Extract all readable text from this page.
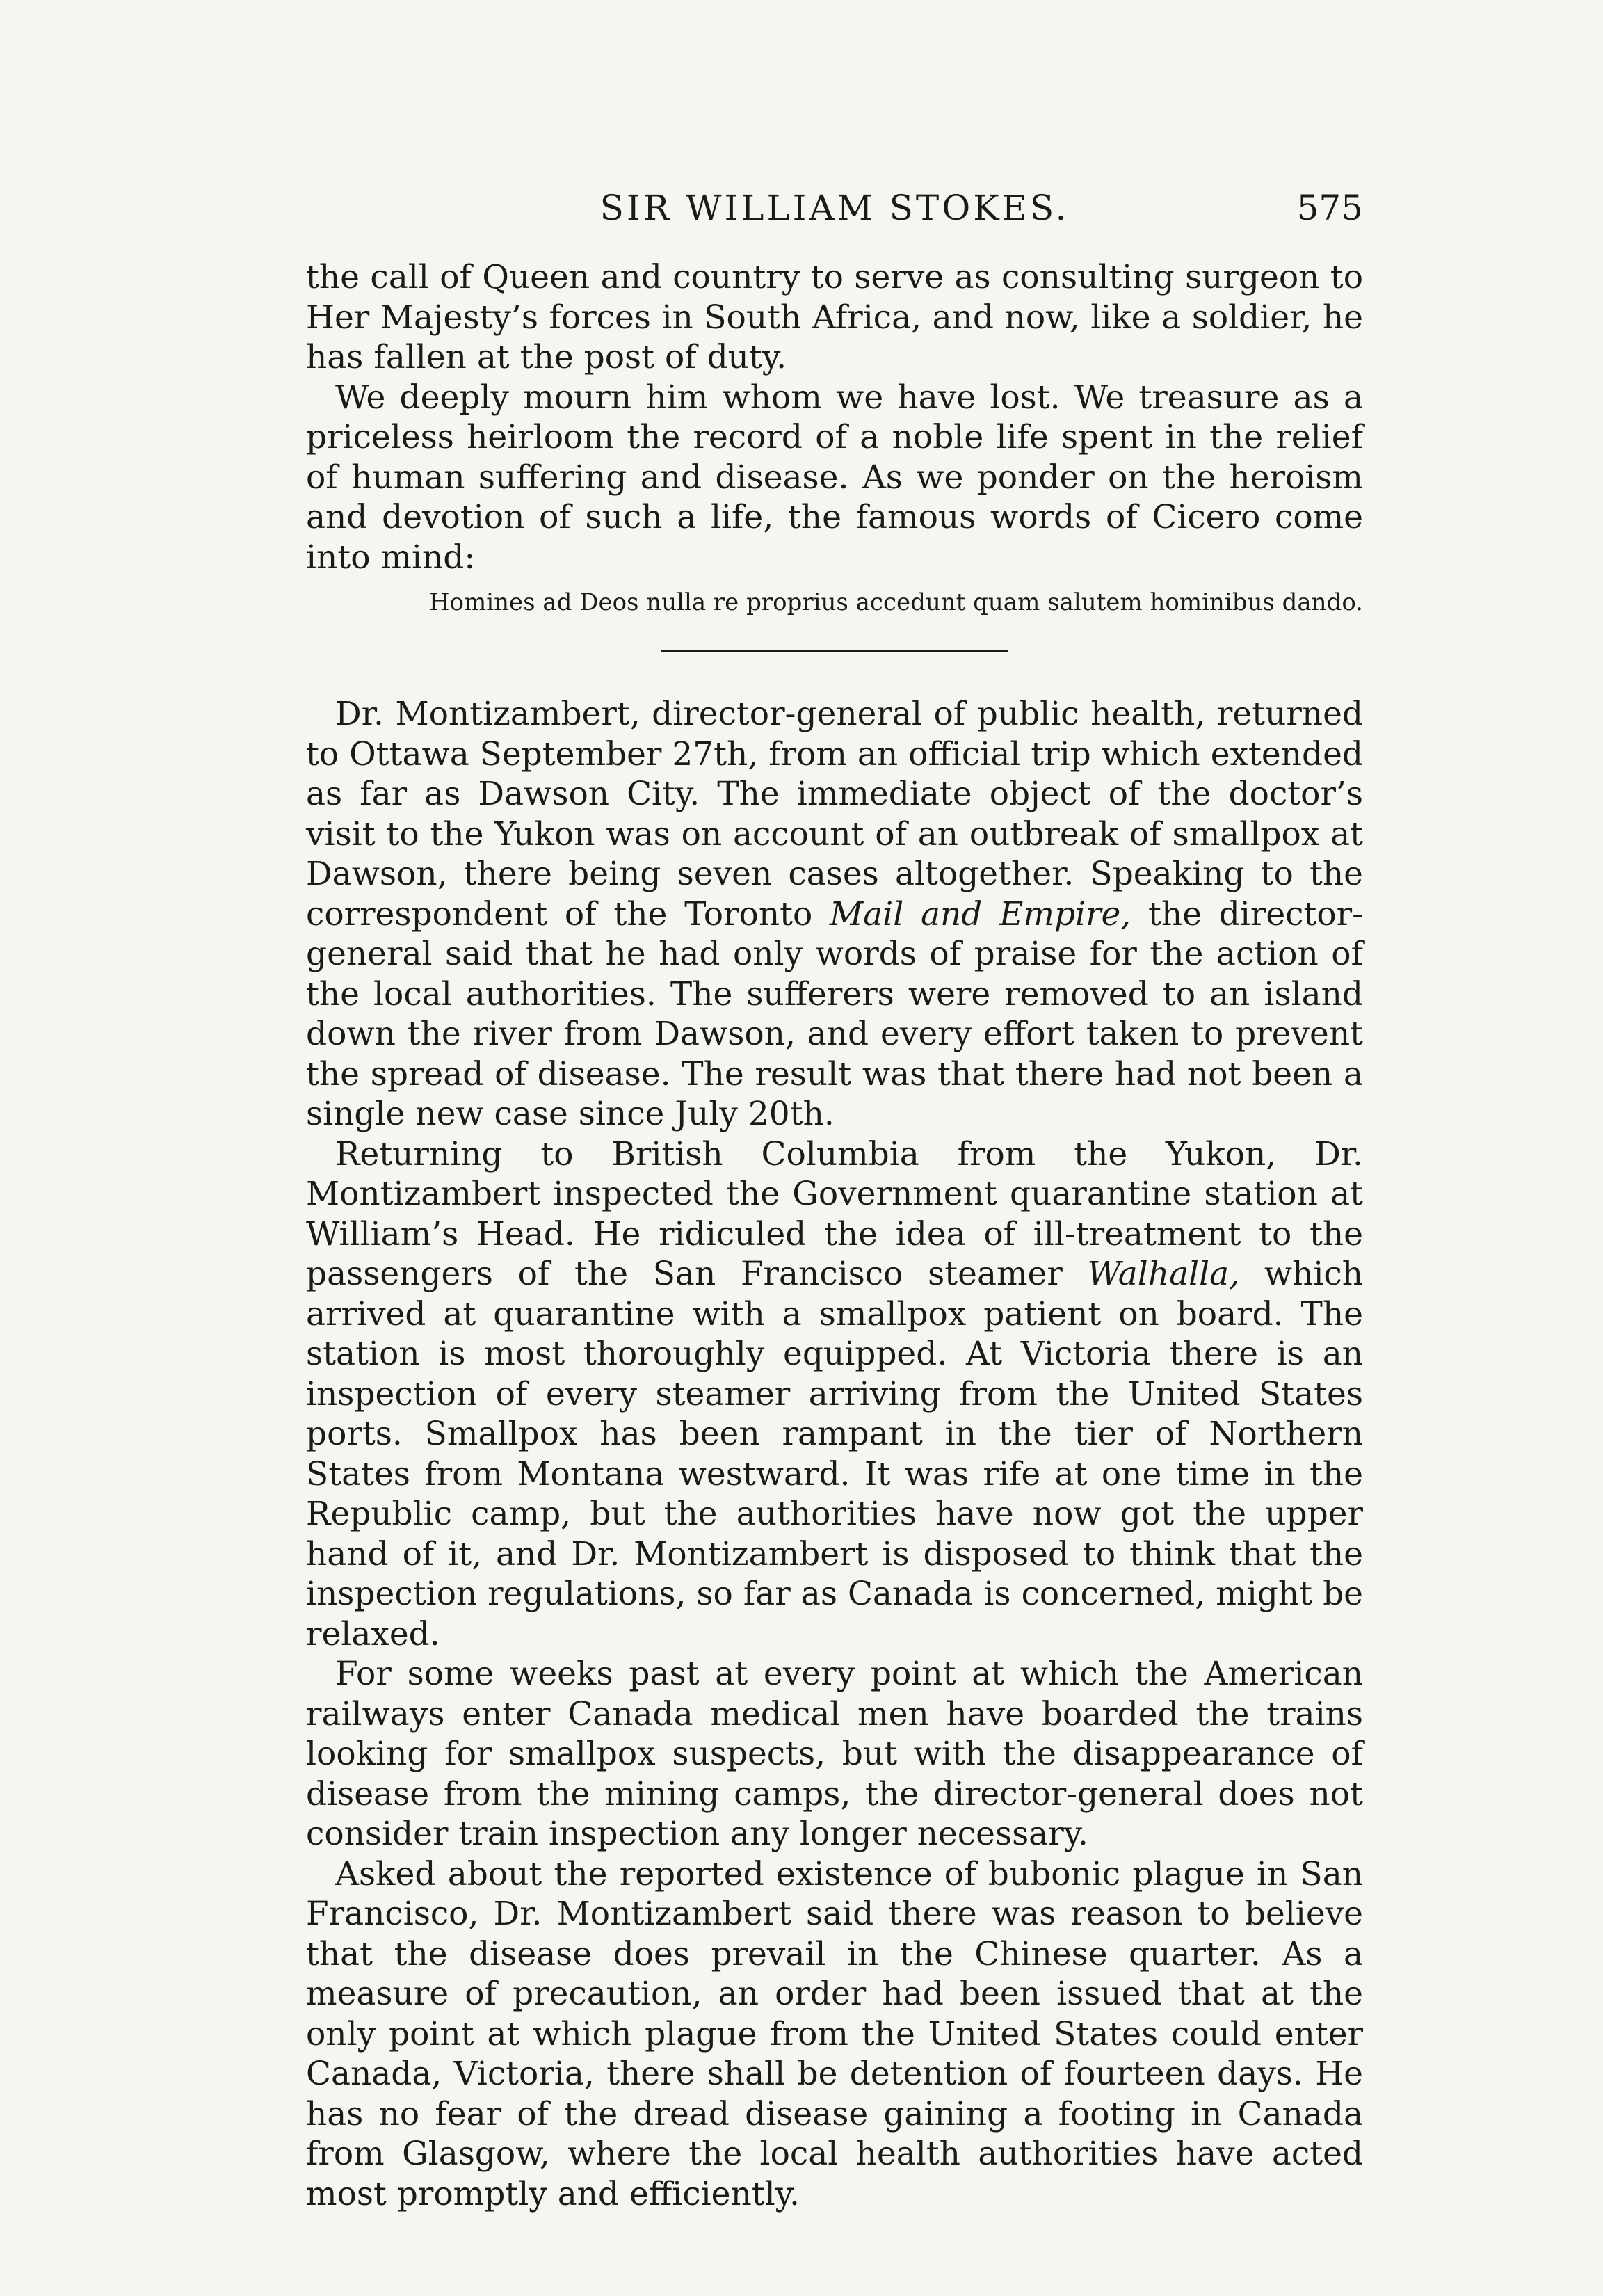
SIR WILLIAM STOKES.	575

the call of Queen and country to serve as consulting surgeon to Her Majesty’s forces in South Africa, and now, like a soldier, he has fallen at the post of duty.

We deeply mourn him whom we have lost. We treasure as a priceless heirloom the record of a noble life spent in the relief of human suffering and disease. As we ponder on the heroism and devotion of such a life, the famous words of Cicero come into mind:

Homines ad Deos nulla re proprius accedunt quam salutem hominibus dando.

Dr. Montizambert, director-general of public health, returned to Ottawa September 27th, from an official trip which extended as far as Dawson City. The immediate object of the doctor’s visit to the Yukon was on account of an outbreak of smallpox at Dawson, there being seven cases altogether. Speaking to the correspondent of the Toronto Mail and Empire, the director-general said that he had only words of praise for the action of the local authorities. The sufferers were removed to an island down the river from Dawson, and every effort taken to prevent the spread of disease. The result was that there had not been a single new case since July 20th.

Returning to British Columbia from the Yukon, Dr. Montizambert inspected the Government quarantine station at William’s Head. He ridiculed the idea of ill-treatment to the passengers of the San Francisco steamer Walhalla, which arrived at quarantine with a smallpox patient on board. The station is most thoroughly equipped. At Victoria there is an inspection of every steamer arriving from the United States ports. Smallpox has been rampant in the tier of Northern States from Montana westward. It was rife at one time in the Republic camp, but the authorities have now got the upper hand of it, and Dr. Montizambert is disposed to think that the inspection regulations, so far as Canada is concerned, might be relaxed.

For some weeks past at every point at which the American railways enter Canada medical men have boarded the trains looking for smallpox suspects, but with the disappearance of disease from the mining camps, the director-general does not consider train inspection any longer necessary.

Asked about the reported existence of bubonic plague in San Francisco, Dr. Montizambert said there was reason to believe that the disease does prevail in the Chinese quarter. As a measure of precaution, an order had been issued that at the only point at which plague from the United States could enter Canada, Victoria, there shall be detention of fourteen days. He has no fear of the dread disease gaining a footing in Canada from Glasgow, where the local health authorities have acted most promptly and efficiently.
